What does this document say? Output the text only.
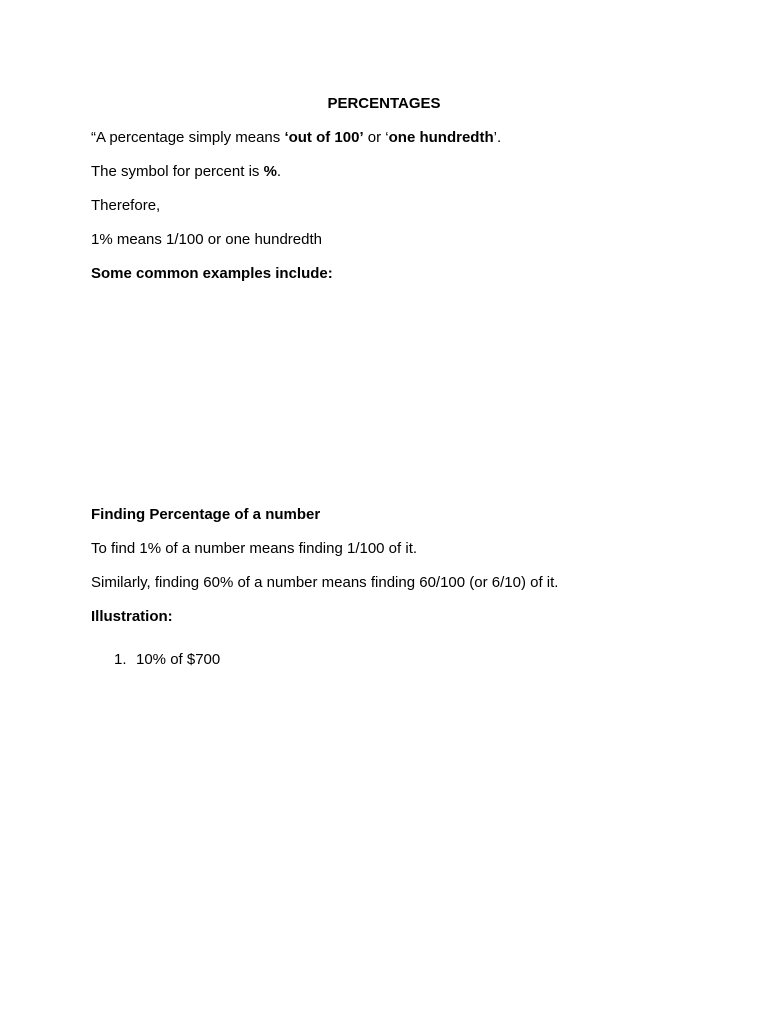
PERCENTAGES
“A percentage simply means ‘out of 100’ or ‘one hundredth’.
The symbol for percent is %.
Therefore,
1% means 1/100 or one hundredth
Some common examples include:
Finding Percentage of a number
To find 1% of a number means finding 1/100 of it.
Similarly, finding 60% of a number means finding 60/100 (or 6/10) of it.
Illustration:
1. 10% of $700
